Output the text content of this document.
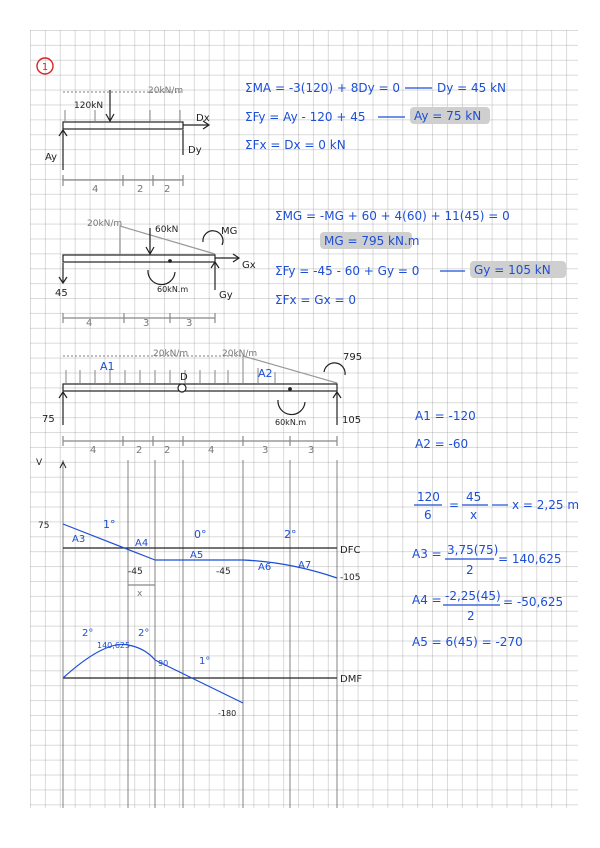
1
120kN
20kN/m
Dx
Dy
Ay
4	2 2
ΣMA = -3(120) + 8Dy = 0	Dy = 45 kN
ΣFy = Ay - 120 + 45	Ay = 75 kN
ΣFx = Dx = 0 kN
20kN/m
60kN	MG
Gx
Gy
45	60kN.m
4	3	3
ΣMG = -MG + 60 + 4(60) + 11(45) = 0
MG = 795 kN.m
ΣFy = -45 - 60 + Gy = 0	Gy = 105 kN
ΣFx = Gx = 0
20kN/m	20kN/m
A1
A2
D
75	105
795
60kN.m
4	2 2	4	3	3
A1 = -120
A2 = -60
120
6
=
45
x
x = 2,25 m
V
75
-45	-45
-105
x
A3	A4
A5
A6	A7
1°
0°	2°
DFC
2°
140,625
2°
90	1°
-180
DMF
A3 = 3,75(75)
2
= 140,625
A4 = -2,25(45)
2
= -50,625
A5 = 6(45) = -270
